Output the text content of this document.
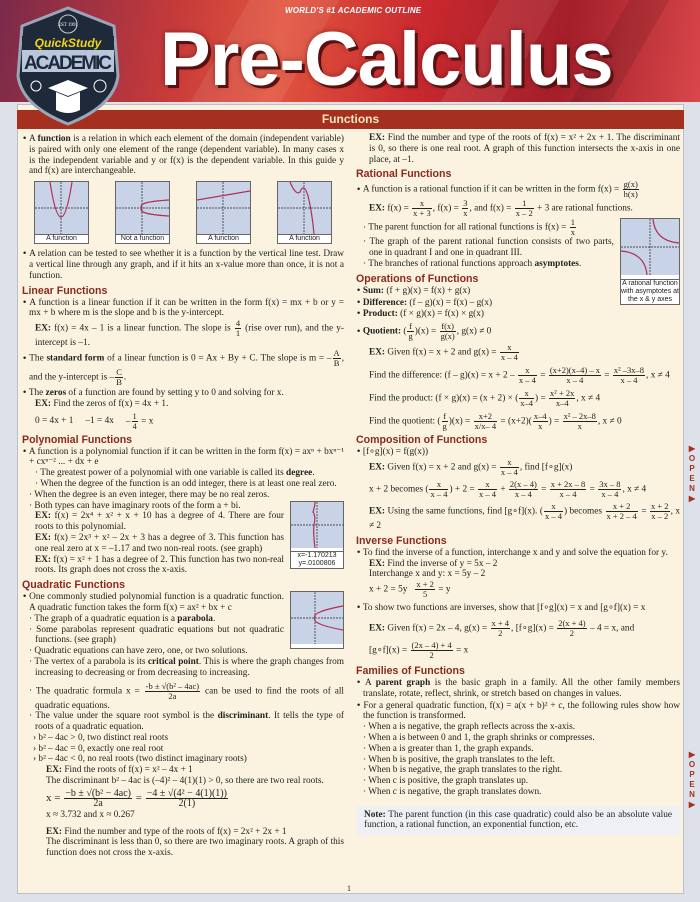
WORLD'S #1 ACADEMIC OUTLINE
Pre-Calculus
EST 1991
QuickStudy
ACADEMIC
Functions
• A function is a relation in which each element of the domain (independent variable) is paired with only one element of the range (dependent variable). In many cases x is the independent variable and y or f(x) is the dependent variable. In this guide y and f(x) are interchangeable.
A function	Not a function	A function	A function
• A relation can be tested to see whether it is a function by the vertical line test. Draw a vertical line through any graph, and if it hits an x-value more than once, it is not a function.
Linear Functions
• A function is a linear function if it can be written in the form f(x) = mx + b or y = mx + b where m is the slope and b is the y-intercept.
EX: f(x) = 4x – 1 is a linear function. The slope is $\frac{4}{1}$ (rise over run), and the y-intercept is –1.
• The standard form of a linear function is 0 = Ax + By + C. The slope is m = – $\frac{A}{B}$ , and the y-intercept is – $\frac{C}{B}$ .
• The zeros of a function are found by setting y to 0 and solving for x.
EX: Find the zeros of f(x) = 4x + 1.
0 = 4x + 1 $-1 = 4x - \frac{1}{4} = x$
Polynomial Functions
• A function is a polynomial function if it can be written in the form f(x) = axⁿ + bxⁿ⁻¹ + cxⁿ⁻² ... + dx + e
· The greatest power of a polynomial with one variable is called its degree.
· When the degree of the function is an odd integer, there is at least one real zero.
· When the degree is an even integer, there may be no real zeros.
x=-1.170213
y=.0100806
· Both types can have imaginary roots of the form a + bi.
EX: f(x) = 2x⁴ + x² + x + 10 has a degree of 4. There are four roots to this polynomial.
EX: f(x) = 2x³ + x² – 2x + 3 has a degree of 3. This function has one real zero at x = –1.17 and two non-real roots. (see graph)
EX: f(x) = x² + 1 has a degree of 2. This function has two non-real roots. Its graph does not cross the x-axis.
Quadratic Functions
• One commonly studied polynomial function is a quadratic function. A quadratic function takes the form f(x) = ax² + bx + c
· The graph of a quadratic equation is a parabola.
· Some parabolas represent quadratic equations but not quadratic functions. (see graph)
· Quadratic equations can have zero, one, or two solutions.
· The vertex of a parabola is its critical point. This is where the graph changes from increasing to decreasing or from decreasing to increasing.
· The quadratic formula $x = \frac{\text{-b ± √(b² – 4ac)}}{2a}$ can be used to find the roots of all quadratic equations.
· The value under the square root symbol is the discriminant. It tells the type of roots of a quadratic equation.
› b² – 4ac > 0, two distinct real roots
› b² – 4ac = 0, exactly one real root
› b² – 4ac < 0, no real roots (two distinct imaginary roots)
EX: Find the roots of f(x) = x² – 4x + 1
The discriminant b² – 4ac is (–4)² – 4(1)(1) > 0, so there are two real roots.
$x = \frac{\text{−b ± √(b² − 4ac)}}{2a} = \frac{\text{−4 ± √(4² − 4(1)(1))}}{2(1)}$
x ≈ 3.732 and x ≈ 0.267
EX: Find the number and type of the roots of f(x) = 2x² + 2x + 1
The discriminant is less than 0, so there are two imaginary roots. A graph of this function does not cross the x-axis.
EX: Find the number and type of the roots of f(x) = x² + 2x + 1. The discriminant is 0, so there is one real root. A graph of this function intersects the x-axis in one place, at –1.
Rational Functions
• A function is a rational function if it can be written in the form $f(x) = \frac{g(x)}{h(x)}$
EX: $f(x) = \frac{x}{x + 3}$ , $f(x) = \frac{3}{x}$ , and $f(x) = \frac{1}{x - 2} + 3$ are rational functions.
A rational function with asymptotes at the x & y axes
· The parent function for all rational functions is $f(x) = \frac{1}{x}$
· The graph of the parent rational function consists of two parts, one in quadrant I and one in quadrant III.
· The branches of rational functions approach asymptotes.
Operations of Functions
• Sum: (f + g)(x) = f(x) + g(x)
• Difference: (f – g)(x) = f(x) – g(x)
• Product: (f × g)(x) = f(x) × g(x)
• Quotient: ( $\frac{f}{g} )(x) = \frac{f(x)}{g(x)}$ , g(x) ≠ 0
EX: Given f(x) = x + 2 and $g(x) = \frac{x}{x - 4}$
Find the difference: $(f - g)(x) = x + 2 - \frac{x}{x - 4} = \frac{(x+2)(x-4) - x}{x - 4} = \frac{\text{x² –3x–8}}{x - 4}$ , x ≠ 4
Find the product: (f × g)(x) = (x + 2) × ( $\frac{x}{x-4}$ ) = $\frac{\text{x² + 2x}}{x-4}$ , x ≠ 4
Find the quotient: ( $\frac{f}{g} )(x) = \frac{x+2}{x/x- 4} = (x+2)( \frac{x-4}{x}$ ) = $\frac{\text{x² – 2x–8}}{x}$ , x ≠ 0
Composition of Functions
• [f∘g](x) = f(g(x))
EX: Given f(x) = x + 2 and $g(x) = \frac{x}{x - 4}$ , find [f∘g](x)
x + 2 becomes ( $\frac{x}{x - 4}$ ) + $2 = \frac{x}{x - 4} + \frac{2(x - 4)}{x - 4} = \frac{x + 2x - 8}{x - 4} = \frac{3x - 8}{x - 4}$ , x ≠ 4
EX: Using the same functions, find [g∘f](x). ( $\frac{x}{x - 4}$ ) becomes $\frac{x + 2}{x + 2 - 4} = \frac{x + 2}{x - 2}$ , x ≠ 2
Inverse Functions
• To find the inverse of a function, interchange x and y and solve the equation for y.
EX: Find the inverse of y = 5x – 2
Interchange x and y: x = 5y – 2
$x + 2 = 5y \frac{x + 2}{5} = y$
• To show two functions are inverses, show that [f∘g](x) = x and [g∘f](x) = x
EX: Given f(x) = 2x – 4, $g(x) = \frac{x + 4}{2}$ , [f∘g](x) = $\frac{2(x + 4)}{2} - 4 = x$, and
[g∘f](x) = $\frac{(2x - 4) + 4}{2} = x$
Families of Functions
• A parent graph is the basic graph in a family. All the other family members translate, rotate, reflect, shrink, or stretch based on changes in values.
• For a general quadratic function, f(x) = a(x + b)² + c, the following rules show how the function is transformed.
· When a is negative, the graph reflects across the x-axis.
· When a is between 0 and 1, the graph shrinks or compresses.
· When a is greater than 1, the graph expands.
· When b is positive, the graph translates to the left.
· When b is negative, the graph translates to the right.
· When c is positive, the graph translates up.
· When c is negative, the graph translates down.
Note: The parent function (in this case quadratic) could also be an absolute value function, a rational function, an exponential function, etc.
▶
O
P
E
N
▶
▶
O
P
E
N
▶
1
